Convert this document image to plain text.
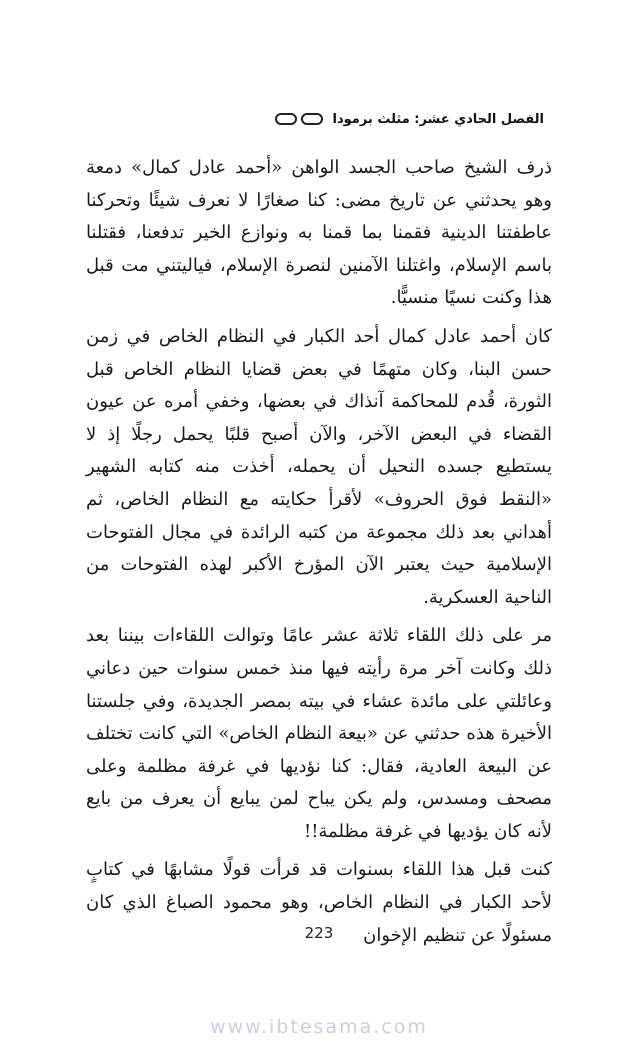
الفصل الحادي عشر: مثلث برمودا

ذرف الشيخ صاحب الجسد الواهن «أحمد عادل كمال» دمعة وهو يحدثني عن تاريخ مضى: كنا صغارًا لا نعرف شيئًا وتحركنا عاطفتنا الدينية فقمنا بما قمنا به ونوازع الخير تدفعنا، فقتلنا باسم الإسلام، واغتلنا الآمنين لنصرة الإسلام، فياليتني مت قبل هذا وكنت نسيًا منسيًّا.

كان أحمد عادل كمال أحد الكبار في النظام الخاص في زمن حسن البنا، وكان متهمًا في بعض قضايا النظام الخاص قبل الثورة، قُدم للمحاكمة آنذاك في بعضها، وخفي أمره عن عيون القضاء في البعض الآخر، والآن أصبح قلبًا يحمل رجلًا إذ لا يستطيع جسده النحيل أن يحمله، أخذت منه كتابه الشهير «النقط فوق الحروف» لأقرأ حكايته مع النظام الخاص، ثم أهداني بعد ذلك مجموعة من كتبه الرائدة في مجال الفتوحات الإسلامية حيث يعتبر الآن المؤرخ الأكبر لهذه الفتوحات من الناحية العسكرية.

مر على ذلك اللقاء ثلاثة عشر عامًا وتوالت اللقاءات بيننا بعد ذلك وكانت آخر مرة رأيته فيها منذ خمس سنوات حين دعاني وعائلتي على مائدة عشاء في بيته بمصر الجديدة، وفي جلستنا الأخيرة هذه حدثني عن «بيعة النظام الخاص» التي كانت تختلف عن البيعة العادية، فقال: كنا نؤديها في غرفة مظلمة وعلى مصحف ومسدس، ولم يكن يباح لمن يبايع أن يعرف من بايع لأنه كان يؤديها في غرفة مظلمة!!

كنت قبل هذا اللقاء بسنوات قد قرأت قولًا مشابهًا في كتابٍ لأحد الكبار في النظام الخاص، وهو محمود الصباغ الذي كان مسئولًا عن تنظيم الإخوان

223
www.ibtesama.com
